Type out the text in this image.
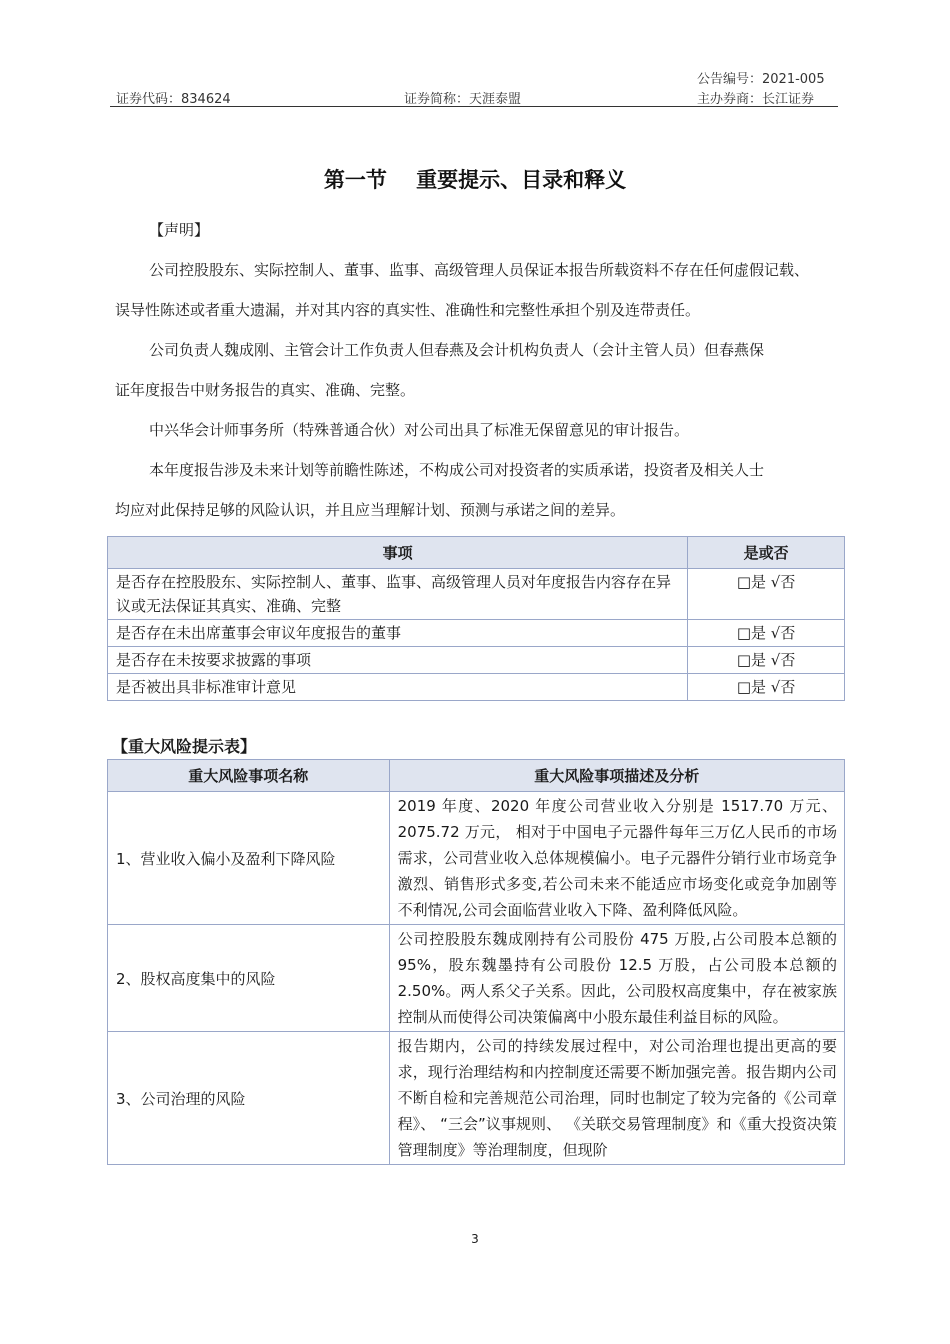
公告编号：2021-005
证券代码：834624	证券简称：天涯泰盟	主办券商：长江证券
第一节    重要提示、目录和释义

【声明】

公司控股股东、实际控制人、董事、监事、高级管理人员保证本报告所载资料不存在任何虚假记载、

误导性陈述或者重大遗漏，并对其内容的真实性、准确性和完整性承担个别及连带责任。

公司负责人魏成刚、主管会计工作负责人但春燕及会计机构负责人（会计主管人员）但春燕保

证年度报告中财务报告的真实、准确、完整。

中兴华会计师事务所（特殊普通合伙）对公司出具了标准无保留意见的审计报告。

本年度报告涉及未来计划等前瞻性陈述，不构成公司对投资者的实质承诺，投资者及相关人士

均应对此保持足够的风险认识，并且应当理解计划、预测与承诺之间的差异。

事项	是或否
是否存在控股股东、实际控制人、董事、监事、高级管理人员对年度报告内容存在异议或无法保证其真实、准确、完整	□是 √否
是否存在未出席董事会审议年度报告的董事	□是 √否
是否存在未按要求披露的事项	□是 √否
是否被出具非标准审计意见	□是 √否
【重大风险提示表】
重大风险事项名称	重大风险事项描述及分析
1、营业收入偏小及盈利下降风险	2019 年度、2020 年度公司营业收入分别是 1517.70 万元、2075.72 万元， 相对于中国电子元器件每年三万亿人民币的市场需求，公司营业收入总体规模偏小。电子元器件分销行业市场竞争激烈、销售形式多变,若公司未来不能适应市场变化或竞争加剧等不利情况,公司会面临营业收入下降、盈利降低风险。
2、股权高度集中的风险	公司控股股东魏成刚持有公司股份 475 万股,占公司股本总额的 95%，股东魏墨持有公司股份 12.5 万股，占公司股本总额的 2.50%。两人系父子关系。因此，公司股权高度集中，存在被家族控制从而使得公司决策偏离中小股东最佳利益目标的风险。
3、公司治理的风险	报告期内，公司的持续发展过程中，对公司治理也提出更高的要求，现行治理结构和内控制度还需要不断加强完善。报告期内公司不断自检和完善规范公司治理，同时也制定了较为完备的《公司章程》、 “三会”议事规则、 《关联交易管理制度》和《重大投资决策管理制度》等治理制度，但现阶
3
